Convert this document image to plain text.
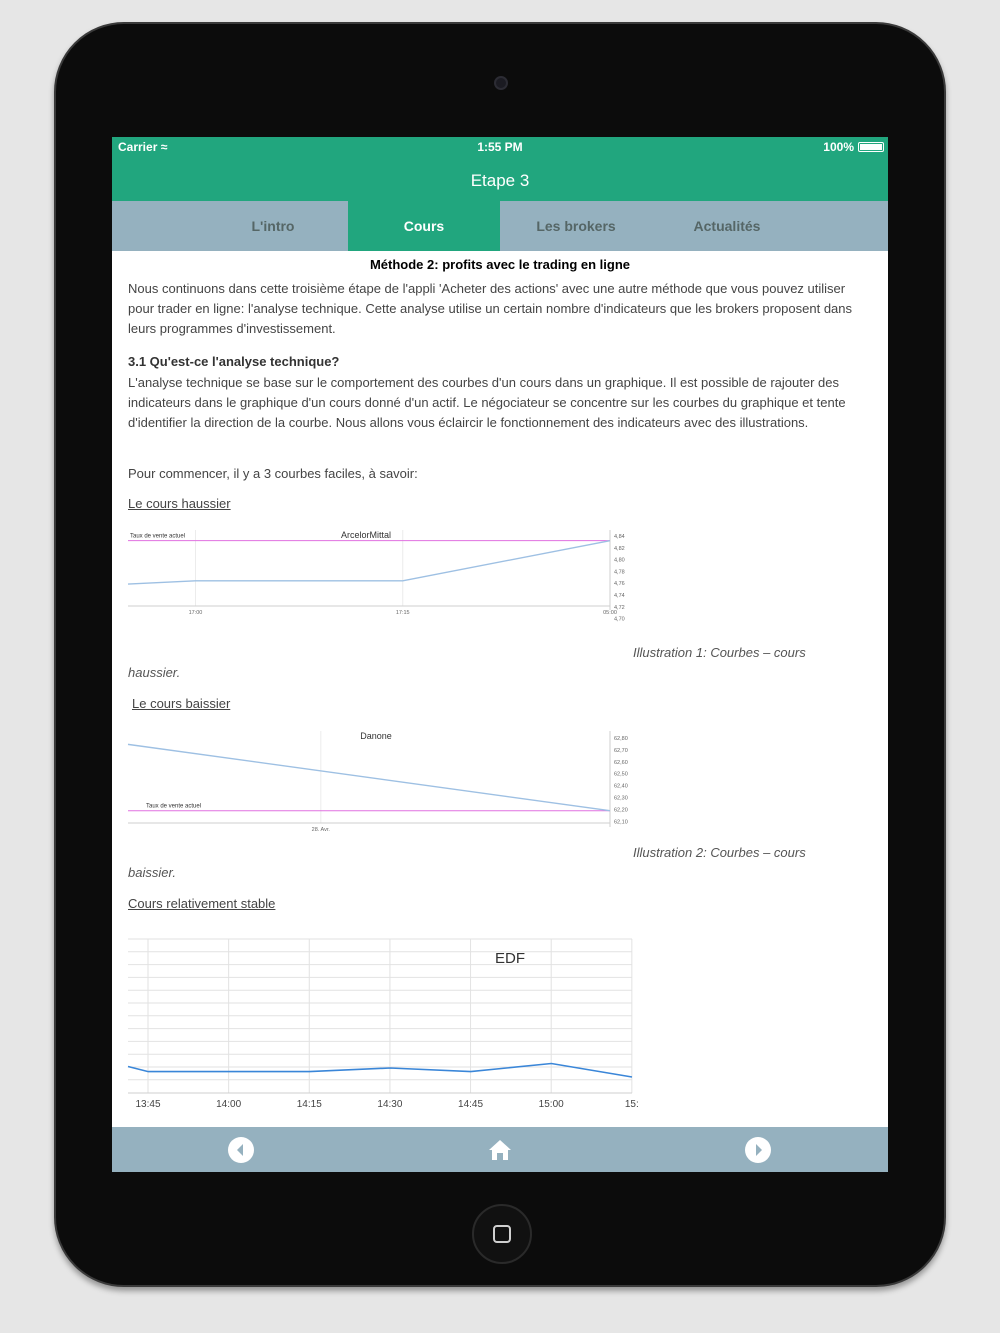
Carrier ≈	1:55 PM	100%
Etape 3
L'intro	Cours	Les brokers	Actualités
Méthode 2: profits avec le trading en ligne
Nous continuons dans cette troisième étape de l'appli 'Acheter des actions' avec une autre méthode que vous pouvez utiliser pour trader en ligne: l'analyse technique. Cette analyse utilise un certain nombre d'indicateurs que les brokers proposent dans leurs programmes d'investissement.
3.1 Qu'est-ce l'analyse technique?
L'analyse technique se base sur le comportement des courbes d'un cours dans un graphique. Il est possible de rajouter des indicateurs dans le graphique d'un cours donné d'un actif. Le négociateur se concentre sur les courbes du graphique et tente d'identifier la direction de la courbe. Nous allons vous éclaircir le fonctionnement des indicateurs avec des illustrations.
Pour commencer, il y a 3 courbes faciles, à savoir:
Le cours haussier
4,84
4,82
4,80
4,78
4,76
4,74
4,72
4,70
17:00	17:15	05:00
Taux de vente actuel	ArcelorMittal
Illustration 1: Courbes – cours
haussier.
Le cours baissier
62,80
62,70
62,60
62,50
62,40
62,30
62,20
62,10
28. Avr.
Taux de vente actuel
Danone
Illustration 2: Courbes – cours
baissier.
Cours relativement stable
13:45	14:00	14:15	14:30	14:45	15:00	15:
EDF
